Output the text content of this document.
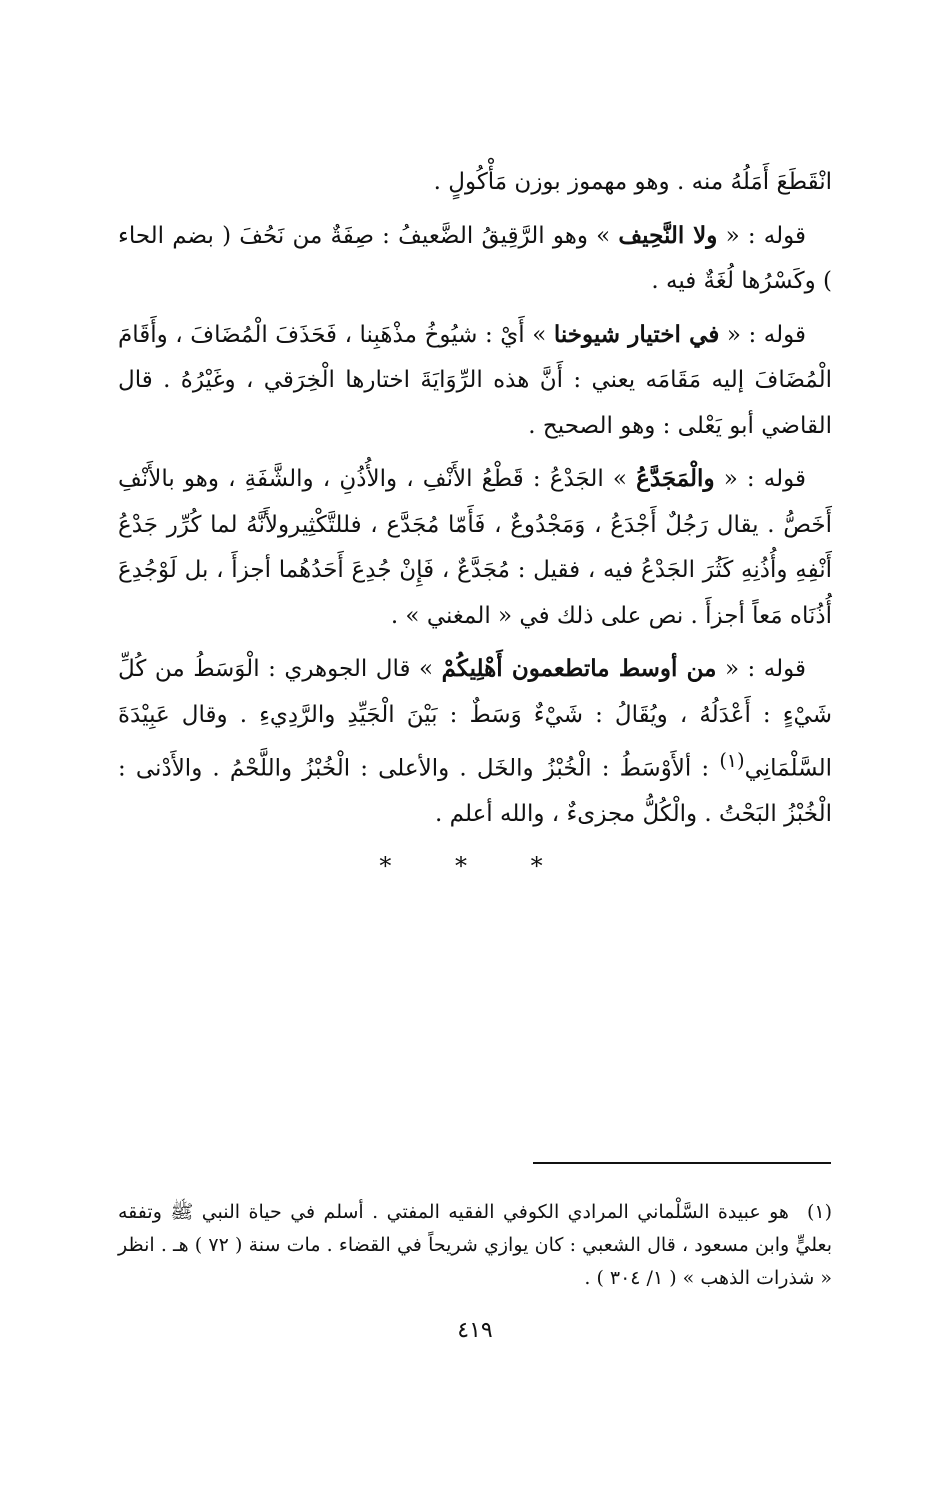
انْقَطَعَ أَمَلُهُ منه . وهو مهموز بوزن مَأْكُولٍ .

قوله : « ولا النَّحِيف » وهو الرَّقِيقُ الضَّعيفُ : صِفَةٌ من نَحُفَ ( بضم الحاء ) وكَسْرُها لُغَةٌ فيه .

قوله : « في اختيار شيوخنا » أَيْ : شيُوخُ مذْهَبِنا ، فَحَذَفَ الْمُضَافَ ، وأَقَامَ الْمُضَافَ إليه مَقَامَه يعني : أَنَّ هذه الرِّوَايَةَ اختارها الْخِرَقي ، وغَيْرُهُ . قال القاضي أبو يَعْلى : وهو الصحيح .

قوله : « والْمَجَدَّعُ » الجَدْعُ : قَطْعُ الأَنْفِ ، والأُذُنِ ، والشَّفَةِ ، وهو بالأَنْفِ أَخَصُّ . يقال رَجُلٌ أَجْدَعُ ، وَمَجْدُوعٌ ، فَأَمّا مُجَدَّع ، فللتَّكْثِيرولأَنَّهُ لما كُرِّر جَدْعُ أَنْفِهِ وأُذُنِهِ كَثُرَ الجَدْعُ فيه ، فقيل : مُجَدَّعٌ ، فَإِنْ جُدِعَ أَحَدُهُما أجزأَ ، بل لَوْجُدِعَ أُذُنَاه مَعاً أجزأَ . نص على ذلك في « المغني » .

قوله : « من أوسط ماتطعمون أَهْلِيكُمْ » قال الجوهري : الْوَسَطُ من كُلِّ شَيْءٍ : أَعْدَلُهُ ، ويُقَالُ : شَيْءٌ وَسَطٌ : بَيْنَ الْجَيِّدِ والرَّدِيءِ . وقال عَبِيْدَةَ السَّلْمَانِي$^{(١)}$ : ألأَوْسَطُ : الْخُبْزُ والخَل . والأعلى : الْخُبْزُ واللَّحْمُ . والأَدْنى : الْخُبْزُ البَحْتُ . والْكُلُّ مجزىءٌ ، والله أعلم .

* * *
(١)هو عبيدة السَّلْماني المرادي الكوفي الفقيه المفتي . أسلم في حياة النبي ﷺ وتفقه بعليٍّ وابن مسعود ، قال الشعبي : كان يوازي شريحاً في القضاء . مات سنة ( ٧٢ ) هـ . انظر « شذرات الذهب » ( ١/ ٣٠٤ ) .
٤١٩
